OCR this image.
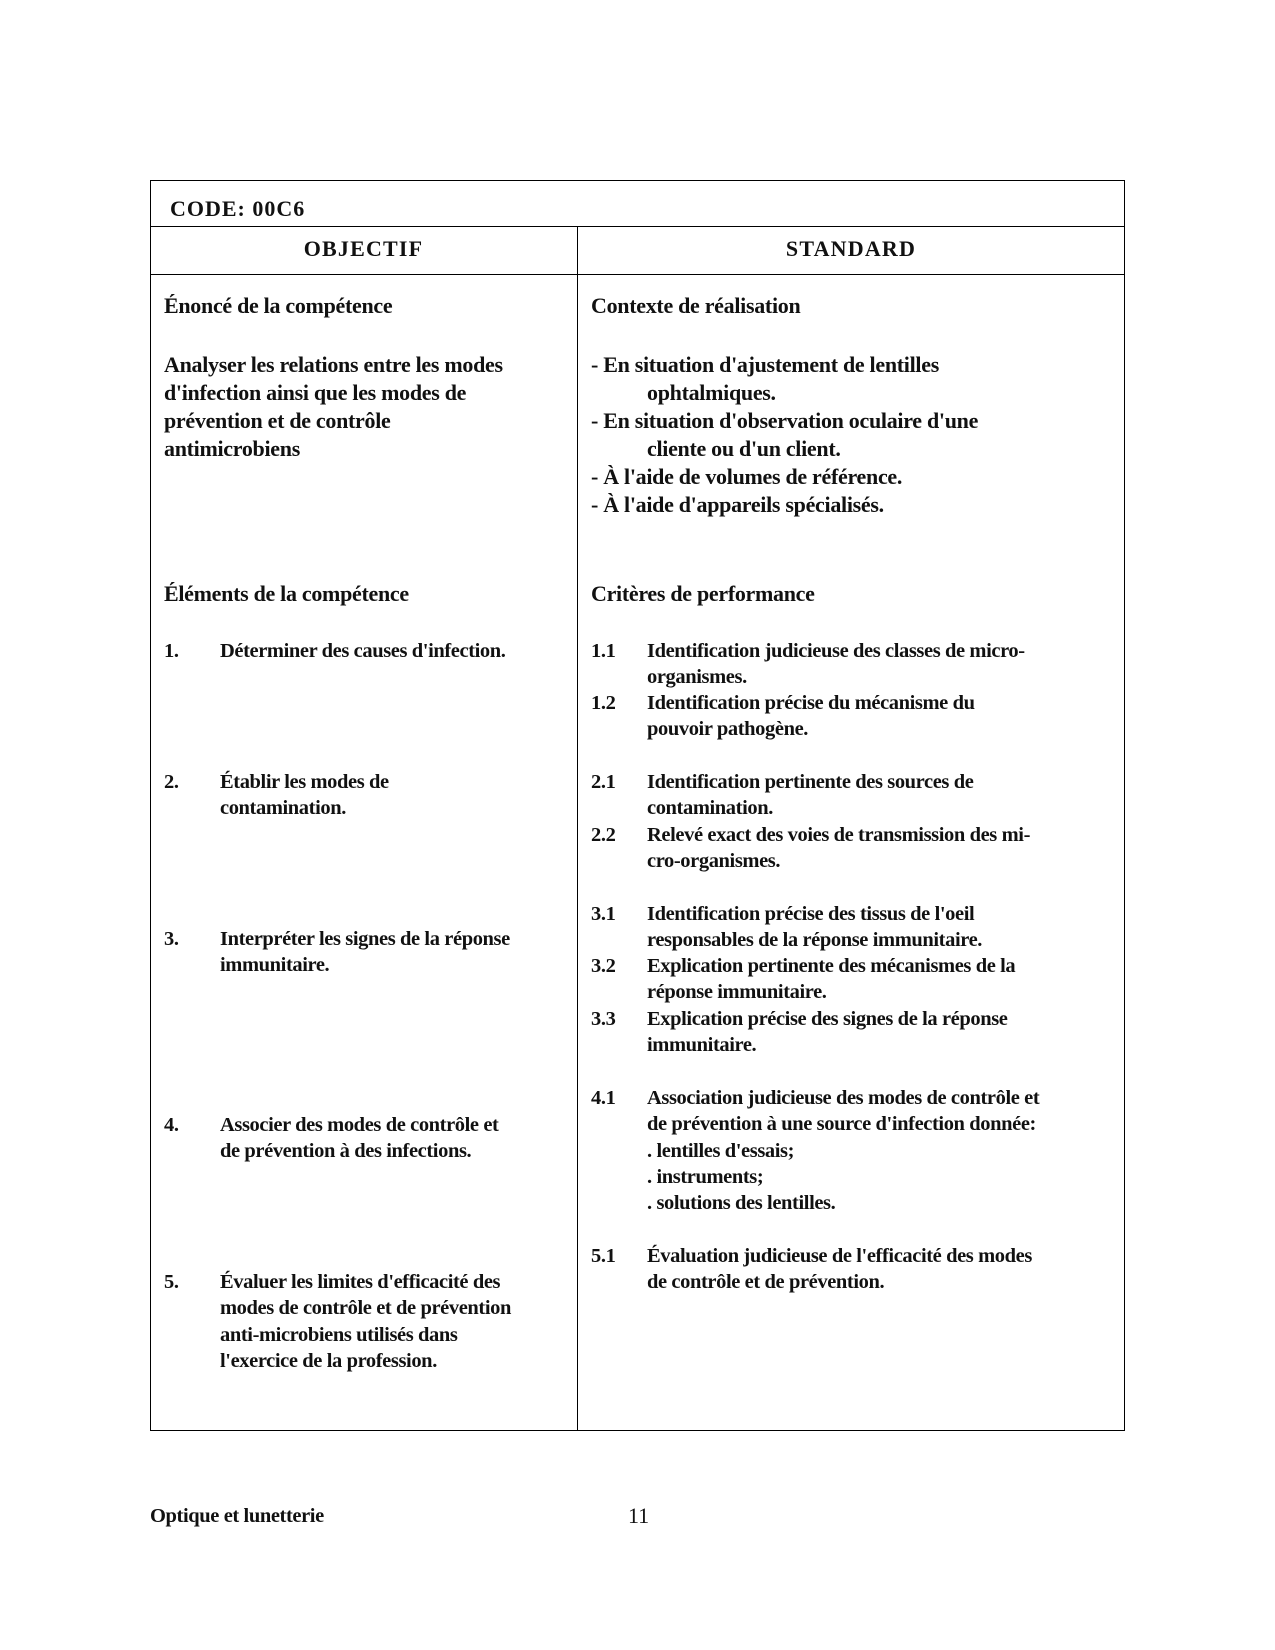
CODE: 00C6
OBJECTIF	STANDARD
Énoncé de la compétence
Analyser les relations entre les modes
d'infection ainsi que les modes de
prévention et de contrôle
antimicrobiens
Éléments de la compétence
Contexte de réalisation
- En situation d'ajustement de lentilles
ophtalmiques.
- En situation d'observation oculaire d'une
cliente ou d'un client.
- À l'aide de volumes de référence.
- À l'aide d'appareils spécialisés.
Critères de performance
1. Déterminer des causes d'infection.
2. Établir les modes de
contamination.
3. Interpréter les signes de la réponse
immunitaire.
4. Associer des modes de contrôle et
de prévention à des infections.
5. Évaluer les limites d'efficacité des
modes de contrôle et de prévention
anti-microbiens utilisés dans
l'exercice de la profession.
1.1 Identification judicieuse des classes de micro-
organismes.
1.2 Identification précise du mécanisme du
pouvoir pathogène.
2.1 Identification pertinente des sources de
contamination.
2.2 Relevé exact des voies de transmission des mi-
cro-organismes.
3.1 Identification précise des tissus de l'oeil
responsables de la réponse immunitaire.
3.2 Explication pertinente des mécanismes de la
réponse immunitaire.
3.3 Explication précise des signes de la réponse
immunitaire.
4.1 Association judicieuse des modes de contrôle et
de prévention à une source d'infection donnée:
. lentilles d'essais;
. instruments;
. solutions des lentilles.
5.1 Évaluation judicieuse de l'efficacité des modes
de contrôle et de prévention.
Optique et lunetterie	11
